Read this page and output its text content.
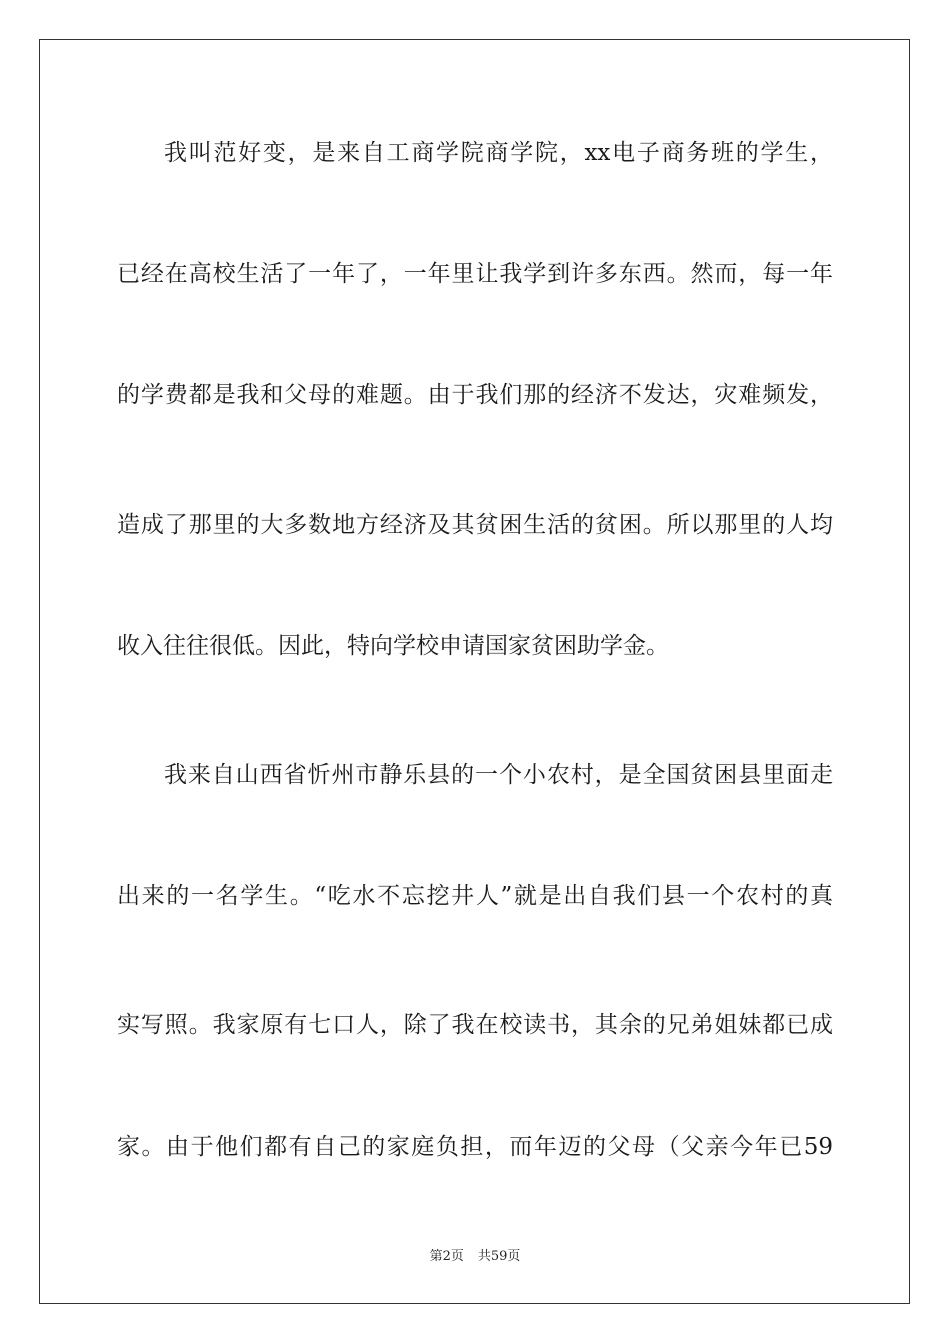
我叫范好变，是来自工商学院商学院，xx电子商务班的学生，
已经在高校生活了一年了，一年里让我学到许多东西。然而，每一年
的学费都是我和父母的难题。由于我们那的经济不发达，灾难频发，
造成了那里的大多数地方经济及其贫困生活的贫困。所以那里的人均
收入往往很低。因此，特向学校申请国家贫困助学金。
我来自山西省忻州市静乐县的一个小农村，是全国贫困县里面走
出来的一名学生。“吃水不忘挖井人”就是出自我们县一个农村的真
实写照。我家原有七口人，除了我在校读书，其余的兄弟姐妹都已成
家。由于他们都有自己的家庭负担，而年迈的父母（父亲今年已59
第2页 共59页
